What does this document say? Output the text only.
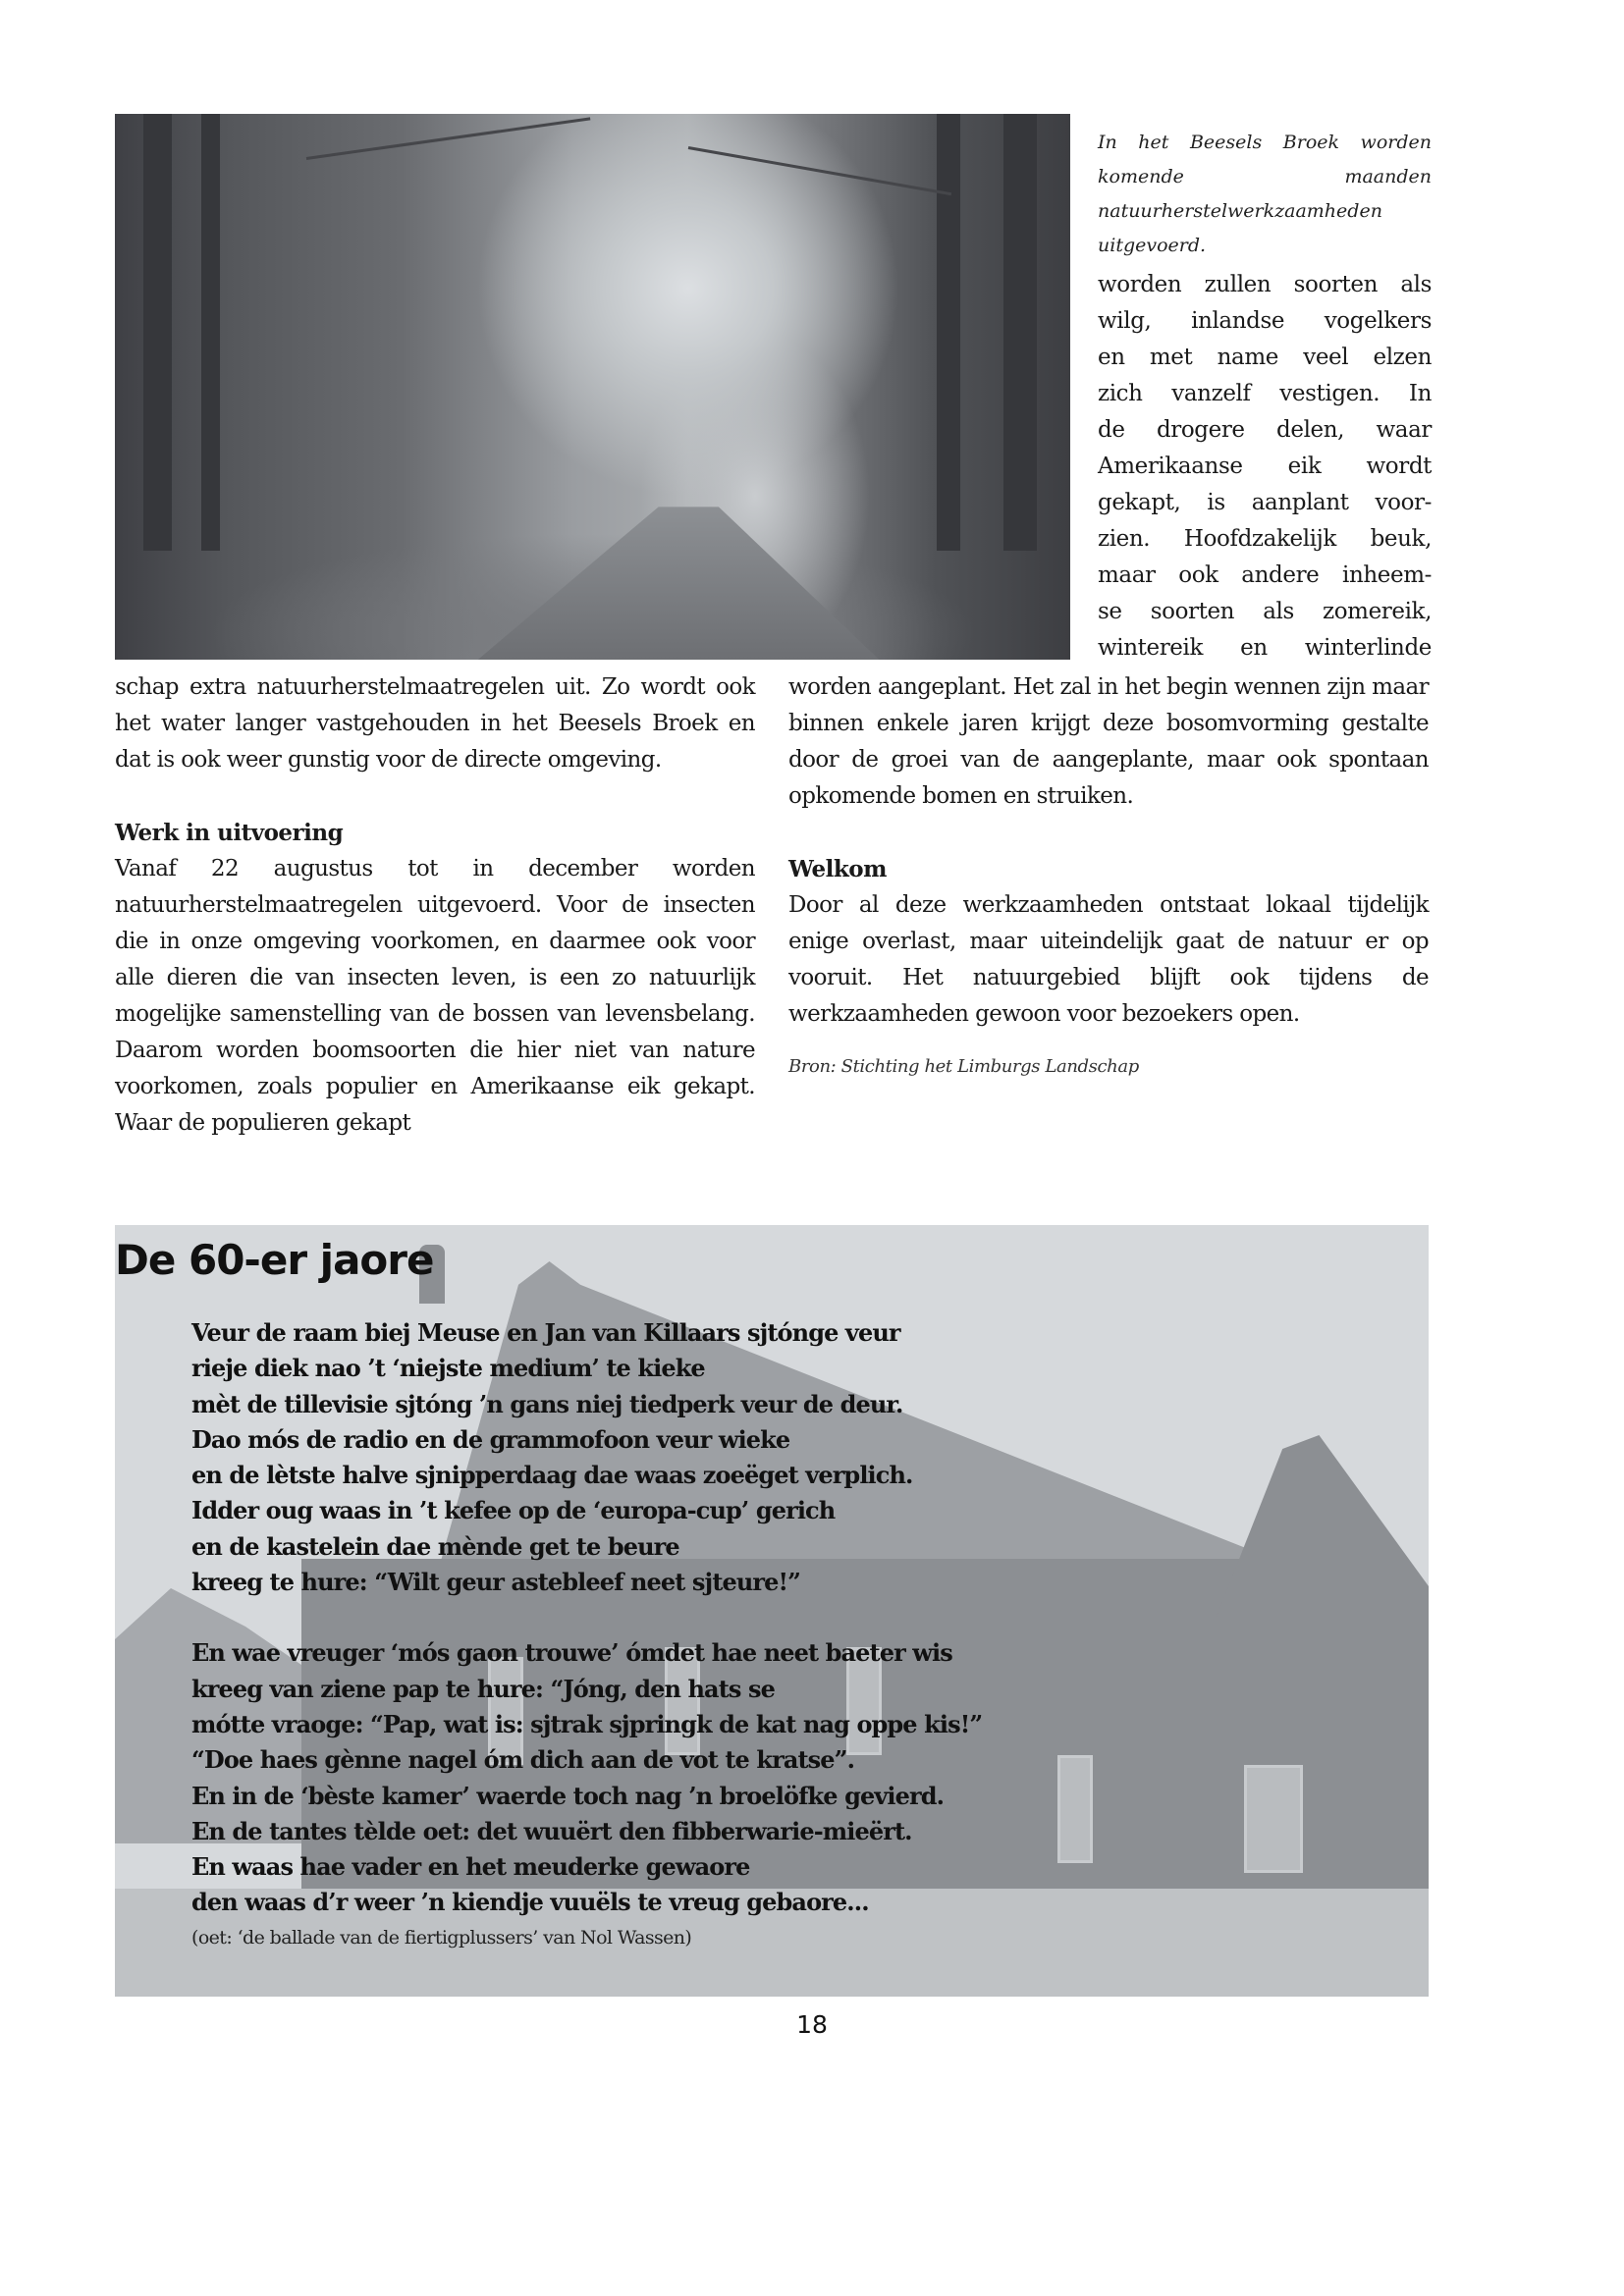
In het Beesels Broek worden komende maanden natuurherstelwerkzaamheden uitgevoerd.

worden zullen soorten als

wilg, inlandse vogelkers

en met name veel elzen

zich vanzelf vestigen. In

de drogere delen, waar

Amerikaanse eik wordt

gekapt, is aanplant voor-

zien. Hoofdzakelijk beuk,

maar ook andere inheem-

se soorten als zomereik,

wintereik en winterlinde

schap extra natuurherstelmaatregelen uit. Zo wordt ook het water langer vastgehouden in het Beesels Broek en dat is ook weer gunstig voor de directe omgeving.

Werk in uitvoering

Vanaf 22 augustus tot in december worden natuurherstelmaatregelen uitgevoerd. Voor de insecten die in onze omgeving voorkomen, en daarmee ook voor alle dieren die van insecten leven, is een zo natuurlijk mogelijke samenstelling van de bossen van levensbelang. Daarom worden boomsoorten die hier niet van nature voorkomen, zoals populier en Amerikaanse eik gekapt. Waar de populieren gekapt

worden aangeplant. Het zal in het begin wennen zijn maar binnen enkele jaren krijgt deze bosomvorming gestalte door de groei van de aangeplante, maar ook spontaan opkomende bomen en struiken.

Welkom

Door al deze werkzaamheden ontstaat lokaal tijdelijk enige overlast, maar uiteindelijk gaat de natuur er op vooruit. Het natuurgebied blijft ook tijdens de werkzaamheden gewoon voor bezoekers open.

Bron: Stichting het Limburgs Landschap

De 60-er jaore
Veur de raam biej Meuse en Jan van Killaars sjtónge veur
rieje diek nao ’t ‘niejste medium’ te kieke
mèt de tillevisie sjtóng ’n gans niej tiedperk veur de deur.
Dao mós de radio en de grammofoon veur wieke
en de lètste halve sjnipperdaag dae waas zoeëget verplich.
Idder oug waas in ’t kefee op de ‘europa-cup’ gerich
en de kastelein dae mènde get te beure
kreeg te hure: “Wilt geur astebleef neet sjteure!”
En wae vreuger ‘mós gaon trouwe’ ómdet hae neet baeter wis
kreeg van ziene pap te hure: “Jóng, den hats se
mótte vraoge: “Pap, wat is: sjtrak sjpringk de kat nag oppe kis!”
“Doe haes gènne nagel óm dich aan de vot te kratse”.
En in de ‘bèste kamer’ waerde toch nag ’n broelöfke gevierd.
En de tantes tèlde oet: det wuuërt den fibberwarie-mieërt.
En waas hae vader en het meuderke gewaore
den waas d’r weer ’n kiendje vuuëls te vreug gebaore...
(oet: ‘de ballade van de fiertigplussers’ van Nol Wassen)
18
